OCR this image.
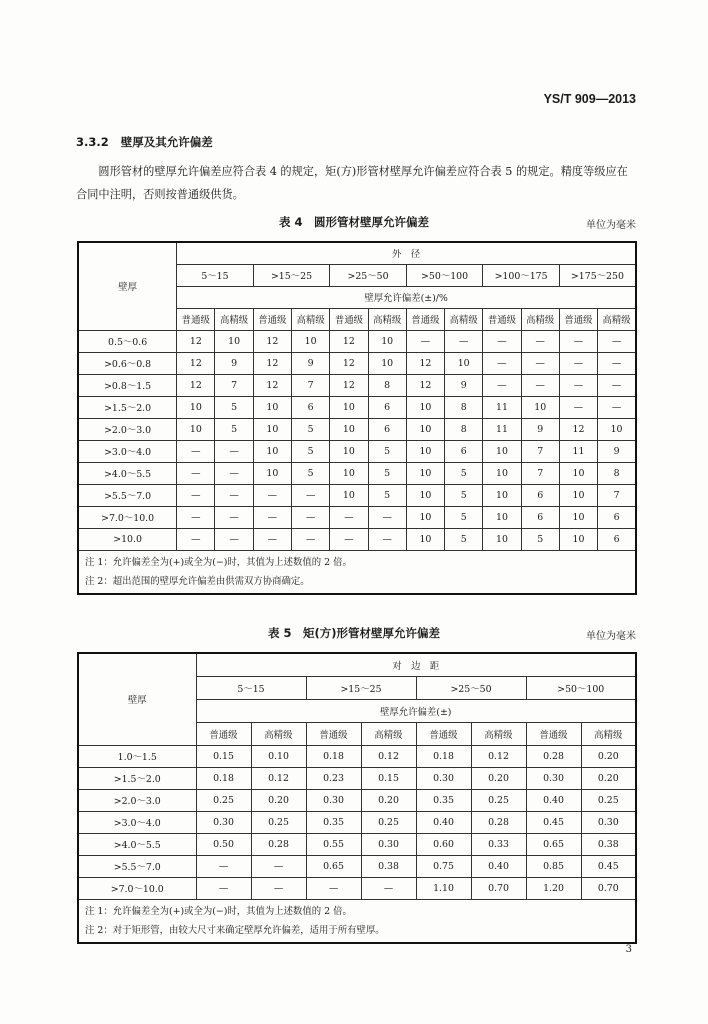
YS/T 909—2013
3.3.2 壁厚及其允许偏差
圆形管材的壁厚允许偏差应符合表 4 的规定，矩(方)形管材壁厚允许偏差应符合表 5 的规定。精度等级应在合同中注明，否则按普通级供货。
表 4　圆形管材壁厚允许偏差	单位为毫米
壁厚	外　径											
	5～15		>15～25		>25～50		>50～100		>100～175		>175～250	
	壁厚允许偏差(±)/%											
	普通级	高精级	普通级	高精级	普通级	高精级	普通级	高精级	普通级	高精级	普通级	高精级
0.5～0.6	12	10	12	10	12	10	—	—	—	—	—	—
>0.6～0.8	12	9	12	9	12	10	12	10	—	—	—	—
>0.8～1.5	12	7	12	7	12	8	12	9	—	—	—	—
>1.5～2.0	10	5	10	6	10	6	10	8	11	10	—	—
>2.0～3.0	10	5	10	5	10	6	10	8	11	9	12	10
>3.0～4.0	—	—	10	5	10	5	10	6	10	7	11	9
>4.0～5.5	—	—	10	5	10	5	10	5	10	7	10	8
>5.5～7.0	—	—	—	—	10	5	10	5	10	6	10	7
>7.0～10.0	—	—	—	—	—	—	10	5	10	6	10	6
>10.0	—	—	—	—	—	—	10	5	10	5	10	6

注 1：允许偏差全为(+)或全为(−)时，其值为上述数值的 2 倍。
注 2：超出范围的壁厚允许偏差由供需双方协商确定。												
表 5　矩(方)形管材壁厚允许偏差	单位为毫米
壁厚	对　边　距							
	5～15		>15～25		>25～50		>50～100	
	壁厚允许偏差(±)							
	普通级	高精级	普通级	高精级	普通级	高精级	普通级	高精级
1.0～1.5	0.15	0.10	0.18	0.12	0.18	0.12	0.28	0.20
>1.5～2.0	0.18	0.12	0.23	0.15	0.30	0.20	0.30	0.20
>2.0～3.0	0.25	0.20	0.30	0.20	0.35	0.25	0.40	0.25
>3.0～4.0	0.30	0.25	0.35	0.25	0.40	0.28	0.45	0.30
>4.0～5.5	0.50	0.28	0.55	0.30	0.60	0.33	0.65	0.38
>5.5～7.0	—	—	0.65	0.38	0.75	0.40	0.85	0.45
>7.0～10.0	—	—	—	—	1.10	0.70	1.20	0.70

注 1：允许偏差全为(+)或全为(−)时，其值为上述数值的 2 倍。
注 2：对于矩形管，由较大尺寸来确定壁厚允许偏差，适用于所有壁厚。								
3
